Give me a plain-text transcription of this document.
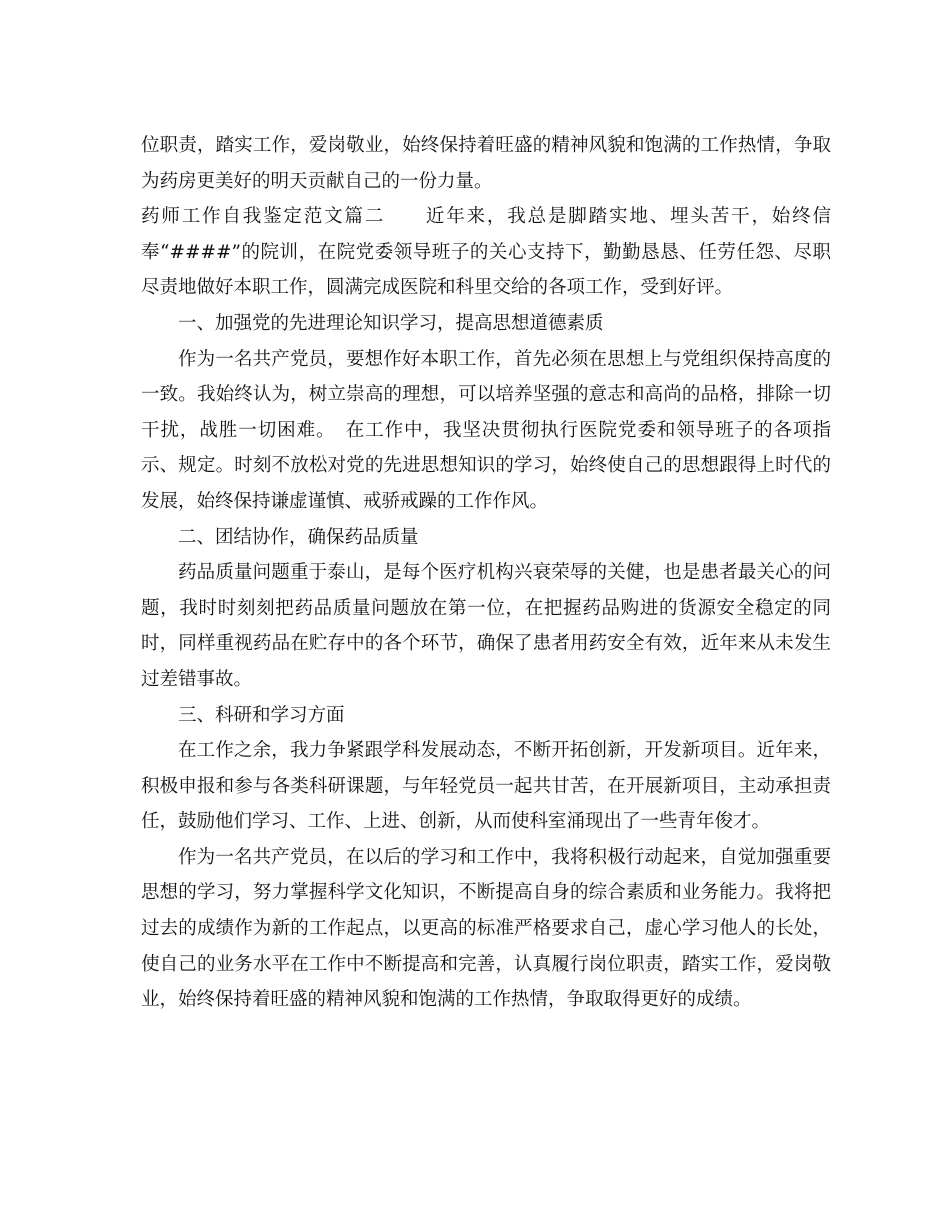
位职责，踏实工作，爱岗敬业，始终保持着旺盛的精神风貌和饱满的工作热情，争取为药房更美好的明天贡献自己的一份力量。

药师工作自我鉴定范文篇二　　近年来，我总是脚踏实地、埋头苦干，始终信奉“####”的院训，在院党委领导班子的关心支持下，勤勤恳恳、任劳任怨、尽职尽责地做好本职工作，圆满完成医院和科里交给的各项工作，受到好评。

一、加强党的先进理论知识学习，提高思想道德素质

作为一名共产党员，要想作好本职工作，首先必须在思想上与党组织保持高度的一致。我始终认为，树立崇高的理想，可以培养坚强的意志和高尚的品格，排除一切干扰，战胜一切困难。　在工作中，我坚决贯彻执行医院党委和领导班子的各项指示、规定。时刻不放松对党的先进思想知识的学习，始终使自己的思想跟得上时代的发展，始终保持谦虚谨慎、戒骄戒躁的工作作风。

二、团结协作，确保药品质量

药品质量问题重于泰山，是每个医疗机构兴衰荣辱的关健，也是患者最关心的问题，我时时刻刻把药品质量问题放在第一位，在把握药品购进的货源安全稳定的同时，同样重视药品在贮存中的各个环节，确保了患者用药安全有效，近年来从未发生过差错事故。

三、科研和学习方面

在工作之余，我力争紧跟学科发展动态，不断开拓创新，开发新项目。近年来，积极申报和参与各类科研课题，与年轻党员一起共甘苦，在开展新项目，主动承担责任，鼓励他们学习、工作、上进、创新，从而使科室涌现出了一些青年俊才。

作为一名共产党员，在以后的学习和工作中，我将积极行动起来，自觉加强重要思想的学习，努力掌握科学文化知识，不断提高自身的综合素质和业务能力。我将把过去的成绩作为新的工作起点，以更高的标准严格要求自己，虚心学习他人的长处，使自己的业务水平在工作中不断提高和完善，认真履行岗位职责，踏实工作，爱岗敬业，始终保持着旺盛的精神风貌和饱满的工作热情，争取取得更好的成绩。
